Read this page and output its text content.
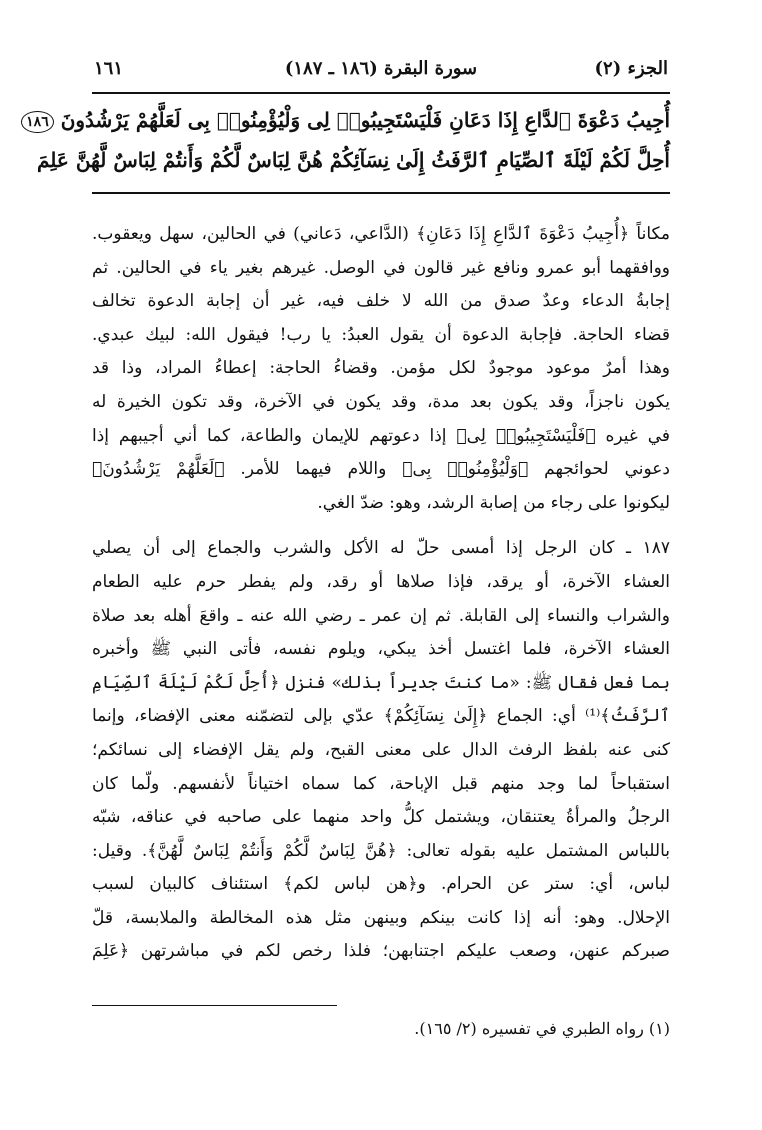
الجزء (٢)
سورة البقرة (١٨٦ ـ ١٨٧)
١٦١
أُجِيبُ دَعْوَةَ ٱلدَّاعِ إِذَا دَعَانِ فَلْيَسْتَجِيبُوا۟ لِى وَلْيُؤْمِنُوا۟ بِى لَعَلَّهُمْ يَرْشُدُونَ ١٨٦
أُحِلَّ لَكُمْ لَيْلَةَ ٱلصِّيَامِ ٱلرَّفَثُ إِلَىٰ نِسَآئِكُمْ هُنَّ لِبَاسٌ لَّكُمْ وَأَنتُمْ لِبَاسٌ لَّهُنَّ عَلِمَ
مكاناً ﴿أُجِيبُ دَعْوَةَ ٱلدَّاعِ إِذَا دَعَانِ﴾ (الدَّاعي، دَعاني) في الحالين، سهل ويعقوب.
ووافقهما أبو عمرو ونافع غير قالون في الوصل. غيرهم بغير ياء في الحالين. ثم
إجابةُ الدعاء وعدٌ صدق من الله لا خلف فيه، غير أن إجابة الدعوة تخالف
قضاء الحاجة. فإجابة الدعوة أن يقول العبدُ: يا رب! فيقول الله: لبيك عبدي.
وهذا أمرٌ موعود موجودٌ لكل مؤمن. وقضاءُ الحاجة: إعطاءُ المراد، وذا قد
يكون ناجزاً، وقد يكون بعد مدة، وقد يكون في الآخرة، وقد تكون الخيرة له
في غيره ﴿فَلْيَسْتَجِيبُوا۟ لِى﴾ إذا دعوتهم للإيمان والطاعة، كما أني أجيبهم إذا
دعوني لحوائجهم ﴿وَلْيُؤْمِنُوا۟ بِى﴾ واللام فيهما للأمر. ﴿لَعَلَّهُمْ يَرْشُدُونَ﴾
ليكونوا على رجاء من إصابة الرشد، وهو: ضدّ الغي.
١٨٧ ـ كان الرجل إذا أمسى حلّ له الأكل والشرب والجماع إلى أن يصلي
العشاء الآخرة، أو يرقد، فإذا صلاها أو رقد، ولم يفطر حرم عليه الطعام
والشراب والنساء إلى القابلة. ثم إن عمر ـ رضي الله عنه ـ واقعَ أهله بعد صلاة
العشاء الآخرة، فلما اغتسل أخذ يبكي، ويلوم نفسه، فأتى النبي ﷺ وأخبره
بما فعل فقال ﷺ: «ما كنتَ جديراً بذلك» فنزل ﴿أُحِلَّ لَكُمْ لَيْلَةَ ٱلصِّيَامِ
ٱلرَّفَثُ﴾⁽¹⁾ أي: الجماع ﴿إِلَىٰ نِسَآئِكُمْ﴾ عدّي بإلى لتضمّنه معنى الإفضاء، وإنما
كنى عنه بلفظ الرفث الدال على معنى القبح، ولم يقل الإفضاء إلى نسائكم؛
استقباحاً لما وجد منهم قبل الإباحة، كما سماه اختياناً لأنفسهم. ولّما كان
الرجلُ والمرأةُ يعتنقان، ويشتمل كلُّ واحد منهما على صاحبه في عناقه، شبّه
باللباس المشتمل عليه بقوله تعالى: ﴿هُنَّ لِبَاسٌ لَّكُمْ وَأَنتُمْ لِبَاسٌ لَّهُنَّ﴾. وقيل:
لباس، أي: ستر عن الحرام. و﴿هن لباس لكم﴾ استئناف كالبيان لسبب
الإحلال. وهو: أنه إذا كانت بينكم وبينهن مثل هذه المخالطة والملابسة، قلّ
صبركم عنهن، وصعب عليكم اجتنابهن؛ فلذا رخص لكم في مباشرتهن ﴿عَلِمَ
(١) رواه الطبري في تفسيره (٢/ ١٦٥).
